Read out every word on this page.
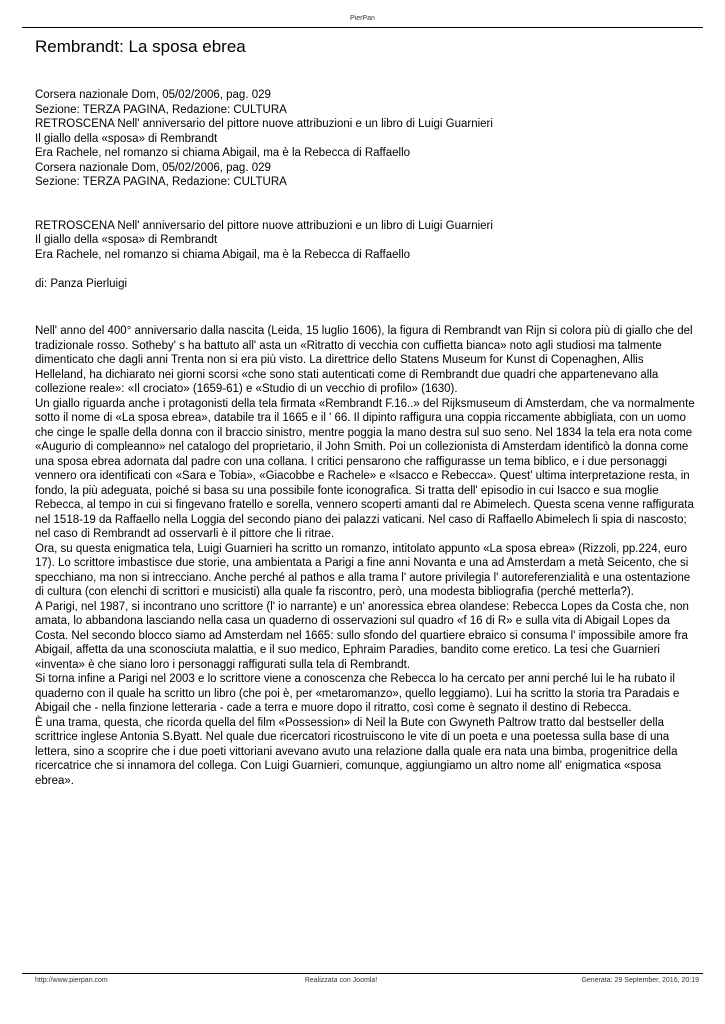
PierPan
Rembrandt: La sposa ebrea

Corsera nazionale Dom, 05/02/2006, pag. 029

Sezione: TERZA PAGINA, Redazione: CULTURA

RETROSCENA Nell' anniversario del pittore nuove attribuzioni e un libro di Luigi Guarnieri

Il giallo della «sposa» di Rembrandt

Era Rachele, nel romanzo si chiama Abigail, ma è la Rebecca di Raffaello

Corsera nazionale Dom, 05/02/2006, pag. 029

Sezione: TERZA PAGINA, Redazione: CULTURA

RETROSCENA Nell' anniversario del pittore nuove attribuzioni e un libro di Luigi Guarnieri

Il giallo della «sposa» di Rembrandt

Era Rachele, nel romanzo si chiama Abigail, ma è la Rebecca di Raffaello

di: Panza Pierluigi

Nell' anno del 400° anniversario dalla nascita (Leida, 15 luglio 1606), la figura di Rembrandt van Rijn si colora più di giallo che del tradizionale rosso. Sotheby' s ha battuto all' asta un «Ritratto di vecchia con cuffietta bianca» noto agli studiosi ma talmente dimenticato che dagli anni Trenta non si era più visto. La direttrice dello Statens Museum for Kunst di Copenaghen, Allis Helleland, ha dichiarato nei giorni scorsi «che sono stati autenticati come di Rembrandt due quadri che appartenevano alla collezione reale»: «Il crociato» (1659-61) e «Studio di un vecchio di profilo» (1630).

Un giallo riguarda anche i protagonisti della tela firmata «Rembrandt F.16..» del Rijksmuseum di Amsterdam, che va normalmente sotto il nome di «La sposa ebrea», databile tra il 1665 e il ' 66. Il dipinto raffigura una coppia riccamente abbigliata, con un uomo che cinge le spalle della donna con il braccio sinistro, mentre poggia la mano destra sul suo seno. Nel 1834 la tela era nota come «Augurio di compleanno» nel catalogo del proprietario, il John Smith. Poi un collezionista di Amsterdam identificò la donna come una sposa ebrea adornata dal padre con una collana. I critici pensarono che raffigurasse un tema biblico, e i due personaggi vennero ora identificati con «Sara e Tobia», «Giacobbe e Rachele» e «Isacco e Rebecca». Quest' ultima interpretazione resta, in fondo, la più adeguata, poiché si basa su una possibile fonte iconografica. Si tratta dell' episodio in cui Isacco e sua moglie Rebecca, al tempo in cui si fingevano fratello e sorella, vennero scoperti amanti dal re Abimelech. Questa scena venne raffigurata nel 1518-19 da Raffaello nella Loggia del secondo piano dei palazzi vaticani. Nel caso di Raffaello Abimelech li spia di nascosto; nel caso di Rembrandt ad osservarli è il pittore che li ritrae.

Ora, su questa enigmatica tela, Luigi Guarnieri ha scritto un romanzo, intitolato appunto «La sposa ebrea» (Rizzoli, pp.224, euro 17). Lo scrittore imbastisce due storie, una ambientata a Parigi a fine anni Novanta e una ad Amsterdam a metà Seicento, che si specchiano, ma non si intrecciano. Anche perché al pathos e alla trama l' autore privilegia l' autoreferenzialità e una ostentazione di cultura (con elenchi di scrittori e musicisti) alla quale fa riscontro, però, una modesta bibliografia (perché metterla?).

A Parigi, nel 1987, si incontrano uno scrittore (l' io narrante) e un' anoressica ebrea olandese: Rebecca Lopes da Costa che, non amata, lo abbandona lasciando nella casa un quaderno di osservazioni sul quadro «f 16 di R» e sulla vita di Abigail Lopes da Costa. Nel secondo blocco siamo ad Amsterdam nel 1665: sullo sfondo del quartiere ebraico si consuma l' impossibile amore fra Abigail, affetta da una sconosciuta malattia, e il suo medico, Ephraim Paradies, bandito come eretico. La tesi che Guarnieri «inventa» è che siano loro i personaggi raffigurati sulla tela di Rembrandt.

Si torna infine a Parigi nel 2003 e lo scrittore viene a conoscenza che Rebecca lo ha cercato per anni perché lui le ha rubato il quaderno con il quale ha scritto un libro (che poi è, per «metaromanzo», quello leggiamo). Lui ha scritto la storia tra Paradais e Abigail che - nella finzione letteraria - cade a terra e muore dopo il ritratto, così come è segnato il destino di Rebecca.

È una trama, questa, che ricorda quella del film «Possession» di Neil la Bute con Gwyneth Paltrow tratto dal bestseller della scrittrice inglese Antonia S.Byatt. Nel quale due ricercatori ricostruiscono le vite di un poeta e una poetessa sulla base di una lettera, sino a scoprire che i due poeti vittoriani avevano avuto una relazione dalla quale era nata una bimba, progenitrice della ricercatrice che si innamora del collega. Con Luigi Guarnieri, comunque, aggiungiamo un altro nome all' enigmatica «sposa ebrea».

http://www.pierpan.com	Realizzata con Joomla!	Generata: 29 September, 2016, 20:19
